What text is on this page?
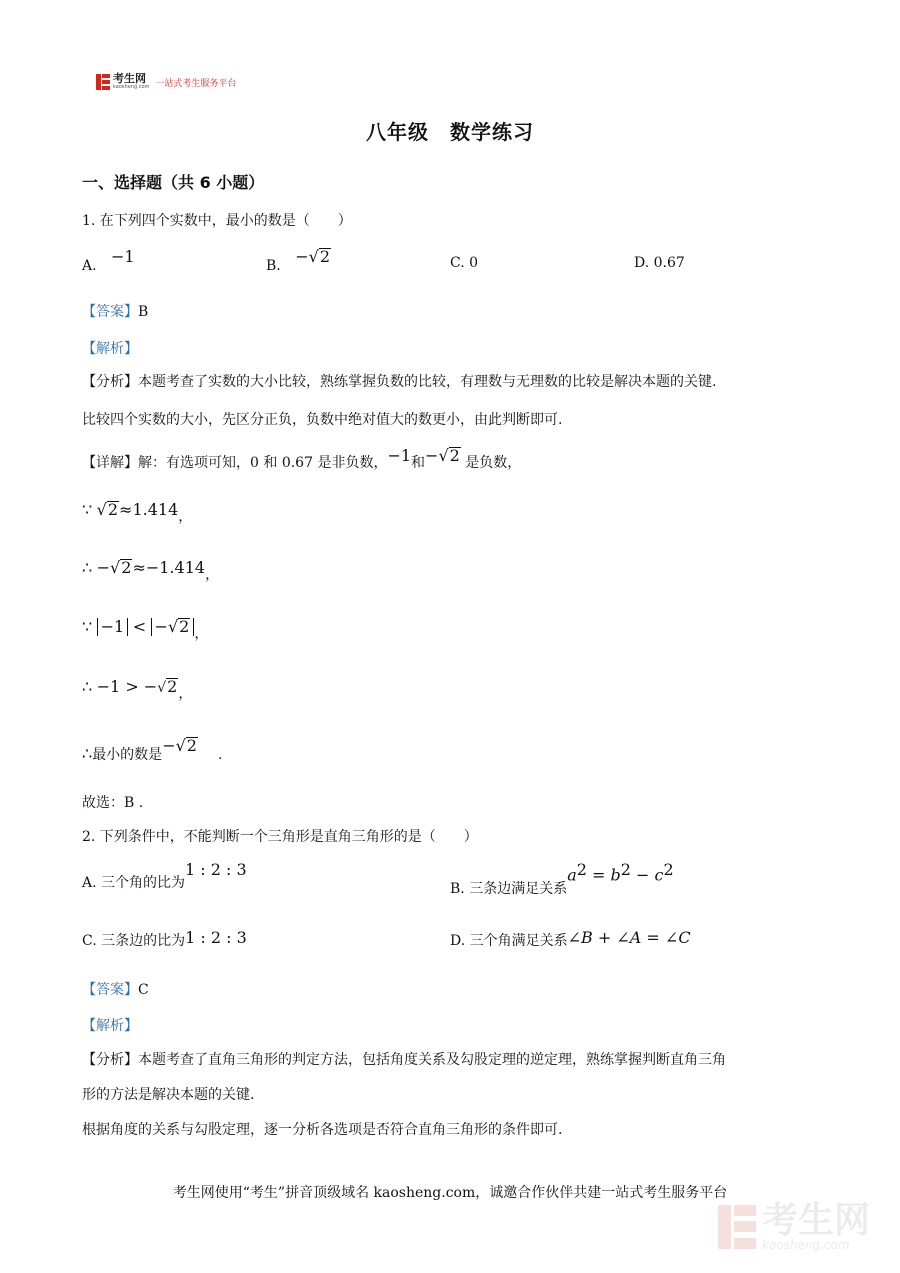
考生网
kaosheng.com 一站式考生服务平台
八年级　数学练习
一、选择题（共 6 小题）
1. 在下列四个实数中，最小的数是（　　）
A. −1	B. −√2	C. 0	D. 0.67
【答案】B
【解析】
【分析】本题考查了实数的大小比较，熟练掌握负数的比较，有理数与无理数的比较是解决本题的关键.
比较四个实数的大小，先区分正负，负数中绝对值大的数更小，由此判断即可.
【详解】解：有选项可知，0 和 0.67 是非负数，−1和−√2 是负数，
∵ √2≈1.414，
∴ −√2≈−1.414，
∵ −1 < −√2 ，
∴ −1 > −√2，
∴最小的数是−√2 .
故选：B .
2. 下列条件中，不能判断一个三角形是直角三角形的是（　　）
A. 三个角的比为1 : 2 : 3
B. 三条边满足关系$a^2 = b^2 - c^2$
C. 三条边的比为1 : 2 : 3	D. 三个角满足关系∠B + ∠A = ∠C
【答案】C
【解析】
【分析】本题考查了直角三角形的判定方法，包括角度关系及勾股定理的逆定理，熟练掌握判断直角三角
形的方法是解决本题的关键.
根据角度的关系与勾股定理，逐一分析各选项是否符合直角三角形的条件即可.
考生网使用“考生”拼音顶级域名 kaosheng.com，诚邀合作伙伴共建一站式考生服务平台
考生网
kaosheng.com
